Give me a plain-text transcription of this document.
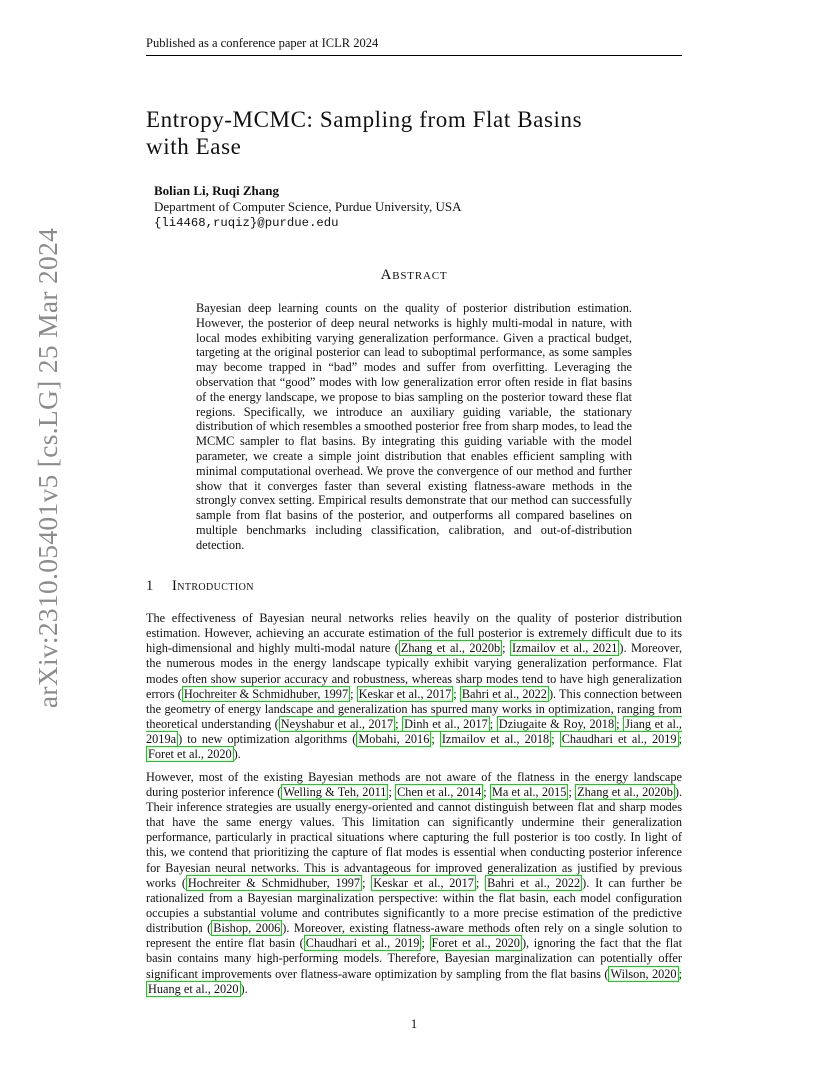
Published as a conference paper at ICLR 2024
arXiv:2310.05401v5 [cs.LG] 25 Mar 2024
Entropy-MCMC: Sampling from Flat Basins
with Ease
Bolian Li, Ruqi Zhang
Department of Computer Science, Purdue University, USA
{li4468,ruqiz}@purdue.edu
Abstract
Bayesian deep learning counts on the quality of posterior distribution estimation. However, the posterior of deep neural networks is highly multi-modal in nature, with local modes exhibiting varying generalization performance. Given a practical budget, targeting at the original posterior can lead to suboptimal performance, as some samples may become trapped in “bad” modes and suffer from overfitting. Leveraging the observation that “good” modes with low generalization error often reside in flat basins of the energy landscape, we propose to bias sampling on the posterior toward these flat regions. Specifically, we introduce an auxiliary guiding variable, the stationary distribution of which resembles a smoothed posterior free from sharp modes, to lead the MCMC sampler to flat basins. By integrating this guiding variable with the model parameter, we create a simple joint distribution that enables efficient sampling with minimal computational overhead. We prove the convergence of our method and further show that it converges faster than several existing flatness-aware methods in the strongly convex setting. Empirical results demonstrate that our method can successfully sample from flat basins of the posterior, and outperforms all compared baselines on multiple benchmarks including classification, calibration, and out-of-distribution detection.
1 Introduction

The effectiveness of Bayesian neural networks relies heavily on the quality of posterior distribution estimation. However, achieving an accurate estimation of the full posterior is extremely difficult due to its high-dimensional and highly multi-modal nature ( Zhang et al., 2020b ; Izmailov et al., 2021 ). Moreover, the numerous modes in the energy landscape typically exhibit varying generalization performance. Flat modes often show superior accuracy and robustness, whereas sharp modes tend to have high generalization errors ( Hochreiter & Schmidhuber, 1997 ; Keskar et al., 2017 ; Bahri et al., 2022 ). This connection between the geometry of energy landscape and generalization has spurred many works in optimization, ranging from theoretical understanding ( Neyshabur et al., 2017 ; Dinh et al., 2017 ; Dziugaite & Roy, 2018 ; Jiang et al., 2019a ) to new optimization algorithms ( Mobahi, 2016 ; Izmailov et al., 2018 ; Chaudhari et al., 2019 ; Foret et al., 2020 ).

However, most of the existing Bayesian methods are not aware of the flatness in the energy landscape during posterior inference ( Welling & Teh, 2011 ; Chen et al., 2014 ; Ma et al., 2015 ; Zhang et al., 2020b ). Their inference strategies are usually energy-oriented and cannot distinguish between flat and sharp modes that have the same energy values. This limitation can significantly undermine their generalization performance, particularly in practical situations where capturing the full posterior is too costly. In light of this, we contend that prioritizing the capture of flat modes is essential when conducting posterior inference for Bayesian neural networks. This is advantageous for improved generalization as justified by previous works ( Hochreiter & Schmidhuber, 1997 ; Keskar et al., 2017 ; Bahri et al., 2022 ). It can further be rationalized from a Bayesian marginalization perspective: within the flat basin, each model configuration occupies a substantial volume and contributes significantly to a more precise estimation of the predictive distribution ( Bishop, 2006 ). Moreover, existing flatness-aware methods often rely on a single solution to represent the entire flat basin ( Chaudhari et al., 2019 ; Foret et al., 2020 ), ignoring the fact that the flat basin contains many high-performing models. Therefore, Bayesian marginalization can potentially offer significant improvements over flatness-aware optimization by sampling from the flat basins ( Wilson, 2020 ; Huang et al., 2020 ).

1
